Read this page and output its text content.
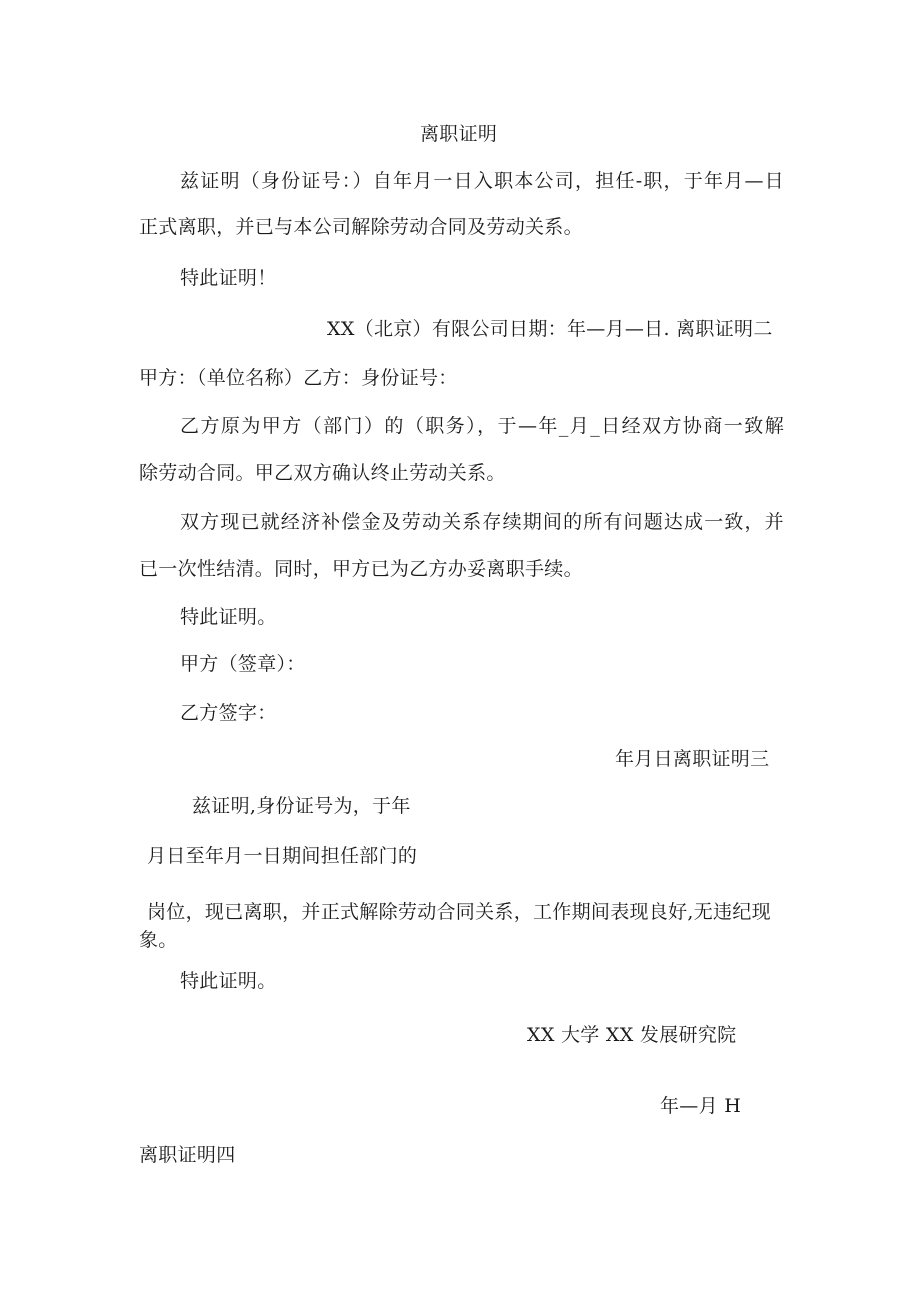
离职证明
兹证明（身份证号：）自年月一日入职本公司，担任-职，于年月—日
正式离职，并已与本公司解除劳动合同及劳动关系。
特此证明！
XX（北京）有限公司日期：年—月—日. 离职证明二
甲方：（单位名称）乙方：身份证号：
乙方原为甲方（部门）的（职务），于—年_月_日经双方协商一致解
除劳动合同。甲乙双方确认终止劳动关系。
双方现已就经济补偿金及劳动关系存续期间的所有问题达成一致，并
已一次性结清。同时，甲方已为乙方办妥离职手续。
特此证明。
甲方（签章）：
乙方签字：
年月日离职证明三
兹证明,身份证号为，于年
月日至年月一日期间担任部门的
岗位，现已离职，并正式解除劳动合同关系，工作期间表现良好,无违纪现象。
特此证明。
XX 大学 XX 发展研究院
年—月 H
离职证明四
